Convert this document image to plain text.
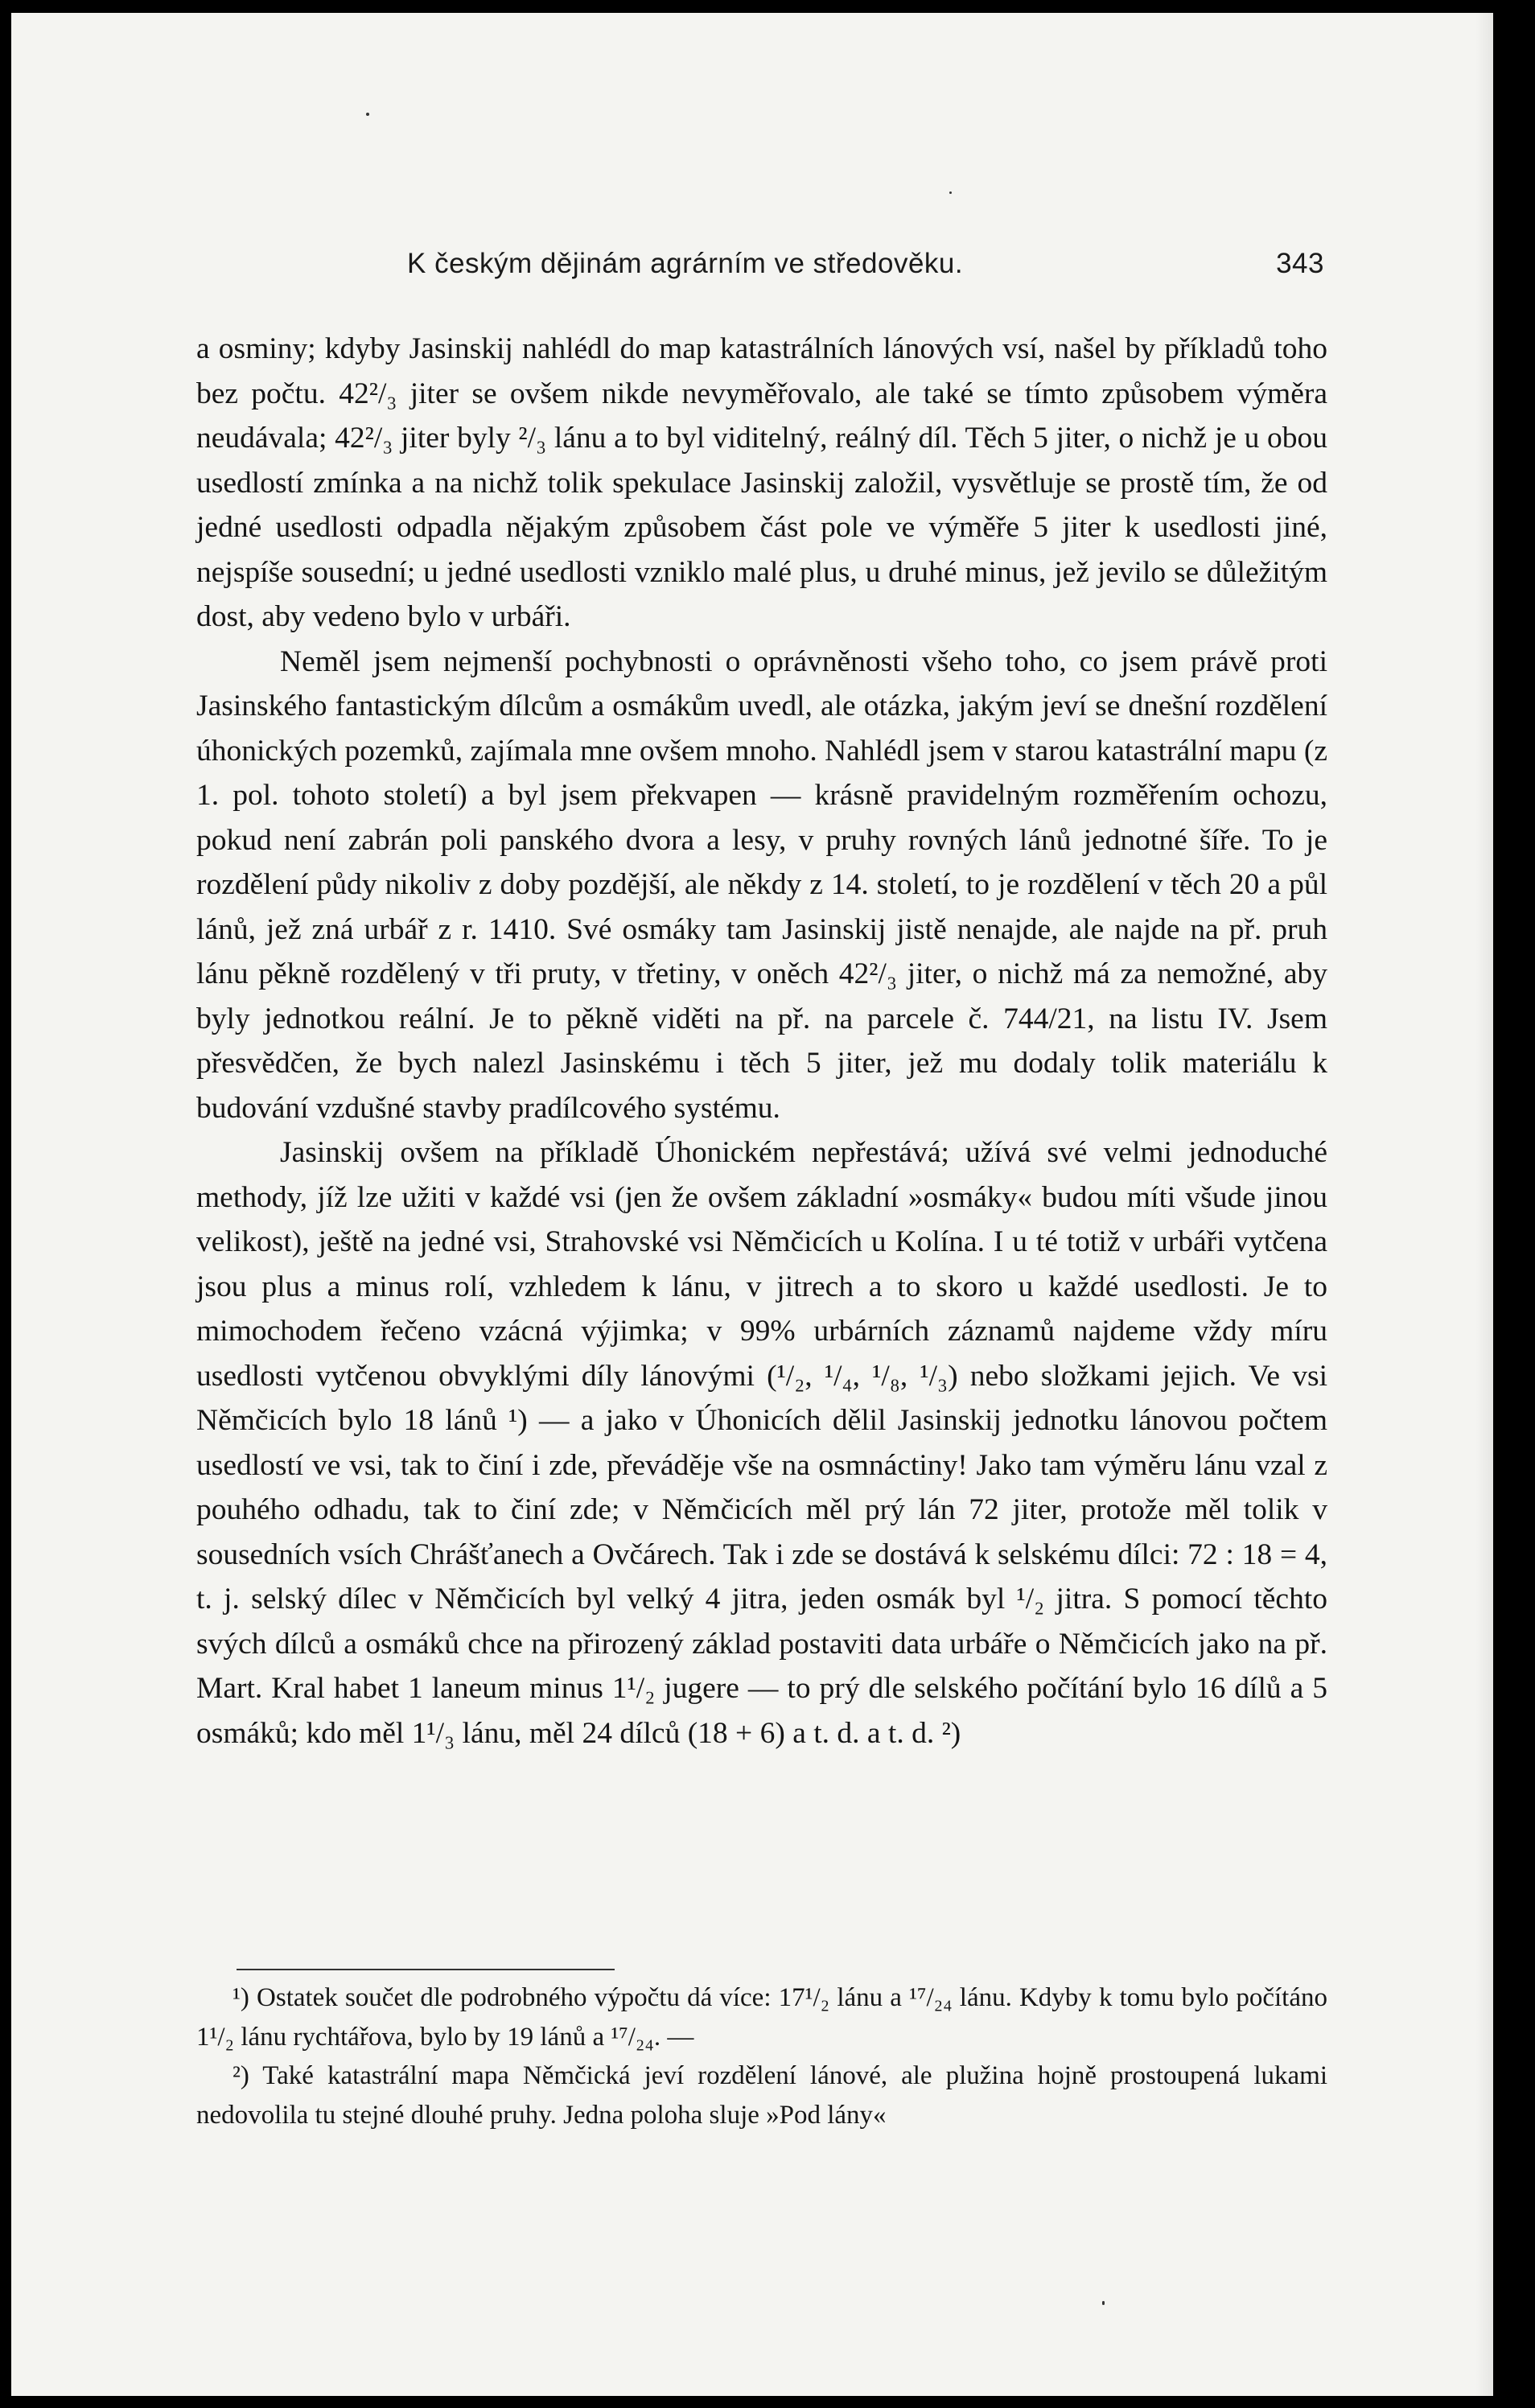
K českým dějinám agrárním ve středověku.	343

a osminy; kdyby Jasinskij nahlédl do map katastrálních lánových vsí, našel by příkladů toho bez počtu. 42²/₃ jiter se ovšem nikde nevyměřovalo, ale také se tímto způsobem výměra neudávala; 42²/₃ jiter byly ²/₃ lánu a to byl viditelný, reálný díl. Těch 5 jiter, o nichž je u obou usedlostí zmínka a na nichž tolik spekulace Jasinskij založil, vysvětluje se prostě tím, že od jedné usedlosti odpadla nějakým způsobem část pole ve výměře 5 jiter k usedlosti jiné, nejspíše sousední; u jedné usedlosti vzniklo malé plus, u druhé minus, jež jevilo se důležitým dost, aby vedeno bylo v urbáři.

Neměl jsem nejmenší pochybnosti o oprávněnosti všeho toho, co jsem právě proti Jasinského fantastickým dílcům a osmákům uvedl, ale otázka, jakým jeví se dnešní rozdělení úhonických pozemků, zajímala mne ovšem mnoho. Nahlédl jsem v starou katastrální mapu (z 1. pol. tohoto století) a byl jsem překvapen — krásně pravidelným rozměřením ochozu, pokud není zabrán poli panského dvora a lesy, v pruhy rovných lánů jednotné šíře. To je rozdělení půdy nikoliv z doby pozdější, ale někdy z 14. století, to je rozdělení v těch 20 a půl lánů, jež zná urbář z r. 1410. Své osmáky tam Jasinskij jistě nenajde, ale najde na př. pruh lánu pěkně rozdělený v tři pruty, v třetiny, v oněch 42²/₃ jiter, o nichž má za nemožné, aby byly jednotkou reální. Je to pěkně viděti na př. na parcele č. 744/21, na listu IV. Jsem přesvědčen, že bych nalezl Jasinskému i těch 5 jiter, jež mu dodaly tolik materiálu k budování vzdušné stavby pradílcového systému.

Jasinskij ovšem na příkladě Úhonickém nepřestává; užívá své velmi jednoduché methody, jíž lze užiti v každé vsi (jen že ovšem základní »osmáky« budou míti všude jinou velikost), ještě na jedné vsi, Strahovské vsi Němčicích u Kolína. I u té totiž v urbáři vytčena jsou plus a minus rolí, vzhledem k lánu, v jitrech a to skoro u každé usedlosti. Je to mimochodem řečeno vzácná výjimka; v 99% urbárních záznamů najdeme vždy míru usedlosti vytčenou obvyklými díly lánovými (¹/₂, ¹/₄, ¹/₈, ¹/₃) nebo složkami jejich. Ve vsi Němčicích bylo 18 lánů ¹) — a jako v Úhonicích dělil Jasinskij jednotku lánovou počtem usedlostí ve vsi, tak to činí i zde, převáděje vše na osmnáctiny! Jako tam výměru lánu vzal z pouhého odhadu, tak to činí zde; v Němčicích měl prý lán 72 jiter, protože měl tolik v sousedních vsích Chrášťanech a Ovčárech. Tak i zde se dostává k selskému dílci: 72 : 18 = 4, t. j. selský dílec v Němčicích byl velký 4 jitra, jeden osmák byl ¹/₂ jitra. S pomocí těchto svých dílců a osmáků chce na přirozený základ postaviti data urbáře o Němčicích jako na př. Mart. Kral habet 1 laneum minus 1¹/₂ jugere — to prý dle selského počítání bylo 16 dílů a 5 osmáků; kdo měl 1¹/₃ lánu, měl 24 dílců (18 + 6) a t. d. a t. d. ²)

¹) Ostatek součet dle podrobného výpočtu dá více: 17¹/₂ lánu a ¹⁷/₂₄ lánu. Kdyby k tomu bylo počítáno 1¹/₂ lánu rychtářova, bylo by 19 lánů a ¹⁷/₂₄. —

²) Také katastrální mapa Němčická jeví rozdělení lánové, ale plužina hojně prostoupená lukami nedovolila tu stejné dlouhé pruhy. Jedna poloha sluje »Pod lány«
